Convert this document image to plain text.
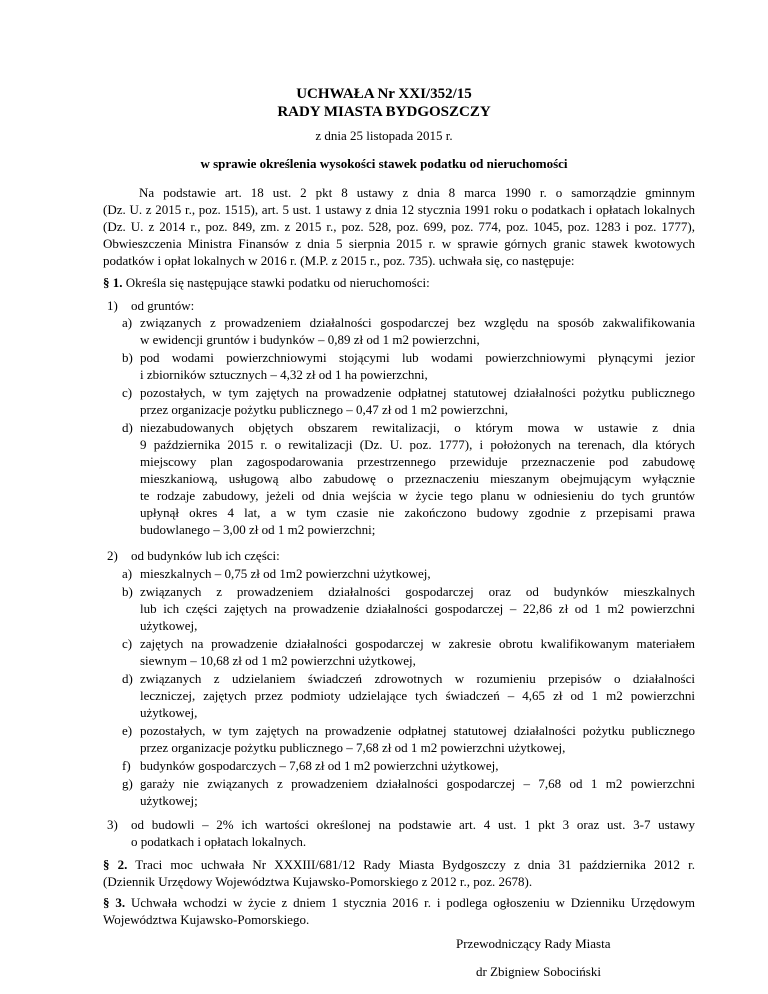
UCHWAŁA Nr XXI/352/15
RADY MIASTA BYDGOSZCZY
z dnia 25 listopada 2015 r.
w sprawie określenia wysokości stawek podatku od nieruchomości
Na podstawie art. 18 ust. 2 pkt 8 ustawy z dnia 8 marca 1990 r. o samorządzie gminnym
(Dz. U. z 2015 r., poz. 1515), art. 5 ust. 1 ustawy z dnia 12 stycznia 1991 roku o podatkach i opłatach lokalnych
(Dz. U. z 2014 r., poz. 849, zm. z 2015 r., poz. 528, poz. 699, poz. 774, poz. 1045, poz. 1283 i poz. 1777),
Obwieszczenia Ministra Finansów z dnia 5 sierpnia 2015 r. w sprawie górnych granic stawek kwotowych
podatków i opłat lokalnych w 2016 r. (M.P. z 2015 r., poz. 735). uchwała się, co następuje:
§ 1. Określa się następujące stawki podatku od nieruchomości:
1) od gruntów:
a) związanych z prowadzeniem działalności gospodarczej bez względu na sposób zakwalifikowania
w ewidencji gruntów i budynków – 0,89 zł od 1 m2 powierzchni,
b) pod wodami powierzchniowymi stojącymi lub wodami powierzchniowymi płynącymi jezior
i zbiorników sztucznych – 4,32 zł od 1 ha powierzchni,
c) pozostałych, w tym zajętych na prowadzenie odpłatnej statutowej działalności pożytku publicznego
przez organizacje pożytku publicznego – 0,47 zł od 1 m2 powierzchni,
d) niezabudowanych objętych obszarem rewitalizacji, o którym mowa w ustawie z dnia
9 października 2015 r. o rewitalizacji (Dz. U. poz. 1777), i położonych na terenach, dla których
miejscowy plan zagospodarowania przestrzennego przewiduje przeznaczenie pod zabudowę
mieszkaniową, usługową albo zabudowę o przeznaczeniu mieszanym obejmującym wyłącznie
te rodzaje zabudowy, jeżeli od dnia wejścia w życie tego planu w odniesieniu do tych gruntów
upłynął okres 4 lat, a w tym czasie nie zakończono budowy zgodnie z przepisami prawa
budowlanego – 3,00 zł od 1 m2 powierzchni;
2) od budynków lub ich części:
a) mieszkalnych – 0,75 zł od 1m2 powierzchni użytkowej,
b) związanych z prowadzeniem działalności gospodarczej oraz od budynków mieszkalnych
lub ich części zajętych na prowadzenie działalności gospodarczej – 22,86 zł od 1 m2 powierzchni
użytkowej,
c) zajętych na prowadzenie działalności gospodarczej w zakresie obrotu kwalifikowanym materiałem
siewnym – 10,68 zł od 1 m2 powierzchni użytkowej,
d) związanych z udzielaniem świadczeń zdrowotnych w rozumieniu przepisów o działalności
leczniczej, zajętych przez podmioty udzielające tych świadczeń – 4,65 zł od 1 m2 powierzchni
użytkowej,
e) pozostałych, w tym zajętych na prowadzenie odpłatnej statutowej działalności pożytku publicznego
przez organizacje pożytku publicznego – 7,68 zł od 1 m2 powierzchni użytkowej,
f) budynków gospodarczych – 7,68 zł od 1 m2 powierzchni użytkowej,
g) garaży nie związanych z prowadzeniem działalności gospodarczej – 7,68 od 1 m2 powierzchni
użytkowej;
3) od budowli – 2% ich wartości określonej na podstawie art. 4 ust. 1 pkt 3 oraz ust. 3-7 ustawy
o podatkach i opłatach lokalnych.
§ 2. Traci moc uchwała Nr XXXIII/681/12 Rady Miasta Bydgoszczy z dnia 31 października 2012 r.
(Dziennik Urzędowy Województwa Kujawsko-Pomorskiego z 2012 r., poz. 2678).
§ 3. Uchwała wchodzi w życie z dniem 1 stycznia 2016 r. i podlega ogłoszeniu w Dzienniku Urzędowym
Województwa Kujawsko-Pomorskiego.
Przewodniczący Rady Miasta
dr Zbigniew Sobociński
